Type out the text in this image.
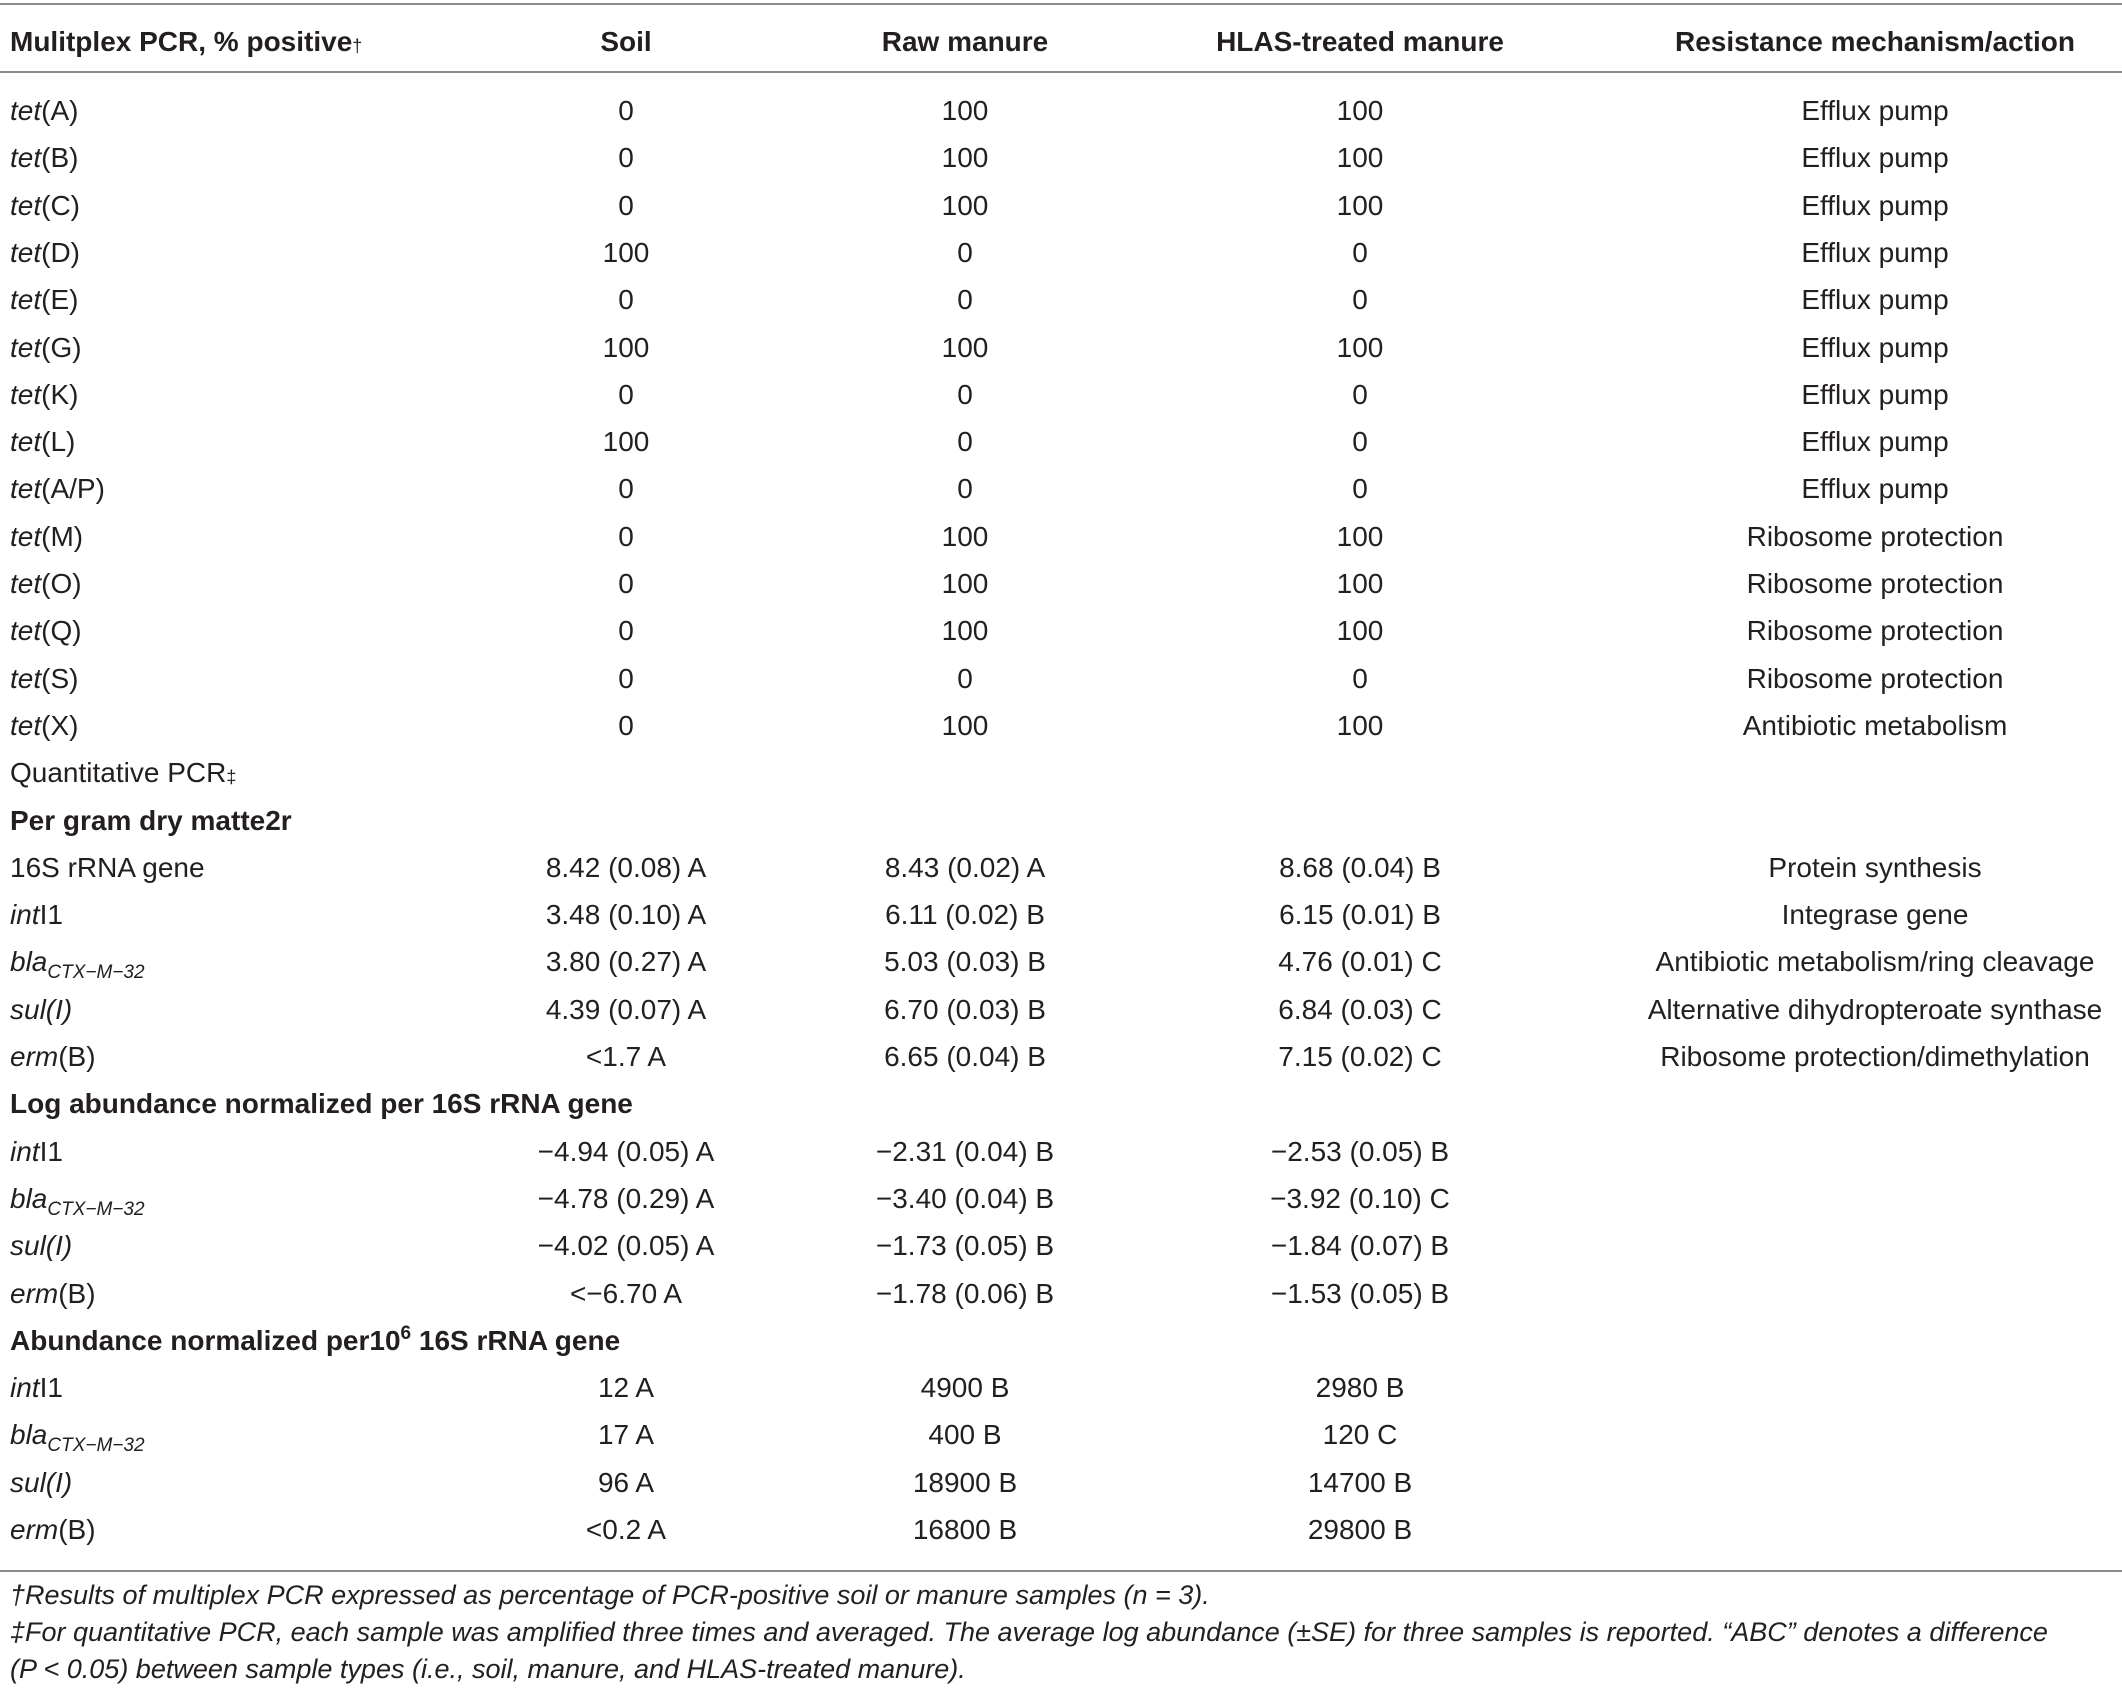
Mulitplex PCR, % positive†	Soil	Raw manure	HLAS-treated manure	Resistance mechanism/action
tet(A)	0	100	100	Efflux pump
tet(B)	0	100	100	Efflux pump
tet(C)	0	100	100	Efflux pump
tet(D)	100	0	0	Efflux pump
tet(E)	0	0	0	Efflux pump
tet(G)	100	100	100	Efflux pump
tet(K)	0	0	0	Efflux pump
tet(L)	100	0	0	Efflux pump
tet(A/P)	0	0	0	Efflux pump
tet(M)	0	100	100	Ribosome protection
tet(O)	0	100	100	Ribosome protection
tet(Q)	0	100	100	Ribosome protection
tet(S)	0	0	0	Ribosome protection
tet(X)	0	100	100	Antibiotic metabolism
Quantitative PCR‡
Per gram dry matte2r
16S rRNA gene	8.42 (0.08) A	8.43 (0.02) A	8.68 (0.04) B	Protein synthesis
intI1	3.48 (0.10) A	6.11 (0.02) B	6.15 (0.01) B	Integrase gene
bla$_{CTX-M-32}$	3.80 (0.27) A	5.03 (0.03) B	4.76 (0.01) C	Antibiotic metabolism/ring cleavage
sul(I)	4.39 (0.07) A	6.70 (0.03) B	6.84 (0.03) C	Alternative dihydropteroate synthase
erm(B)	<1.7 A	6.65 (0.04) B	7.15 (0.02) C	Ribosome protection/dimethylation
Log abundance normalized per 16S rRNA gene
intI1	−4.94 (0.05) A	−2.31 (0.04) B	−2.53 (0.05) B
bla$_{CTX-M-32}$	−4.78 (0.29) A	−3.40 (0.04) B	−3.92 (0.10) C
sul(I)	−4.02 (0.05) A	−1.73 (0.05) B	−1.84 (0.07) B
erm(B)	<−6.70 A	−1.78 (0.06) B	−1.53 (0.05) B
Abundance normalized $per10^6$ 16S rRNA gene
intI1	12 A	4900 B	2980 B
bla$_{CTX-M-32}$	17 A	400 B	120 C
sul(I)	96 A	18900 B	14700 B
erm(B)	<0.2 A	16800 B	29800 B
†Results of multiplex PCR expressed as percentage of PCR-positive soil or manure samples (n = 3).
‡For quantitative PCR, each sample was amplified three times and averaged. The average log abundance (±SE) for three samples is reported. “ABC” denotes a difference
(P < 0.05) between sample types (i.e., soil, manure, and HLAS-treated manure).
